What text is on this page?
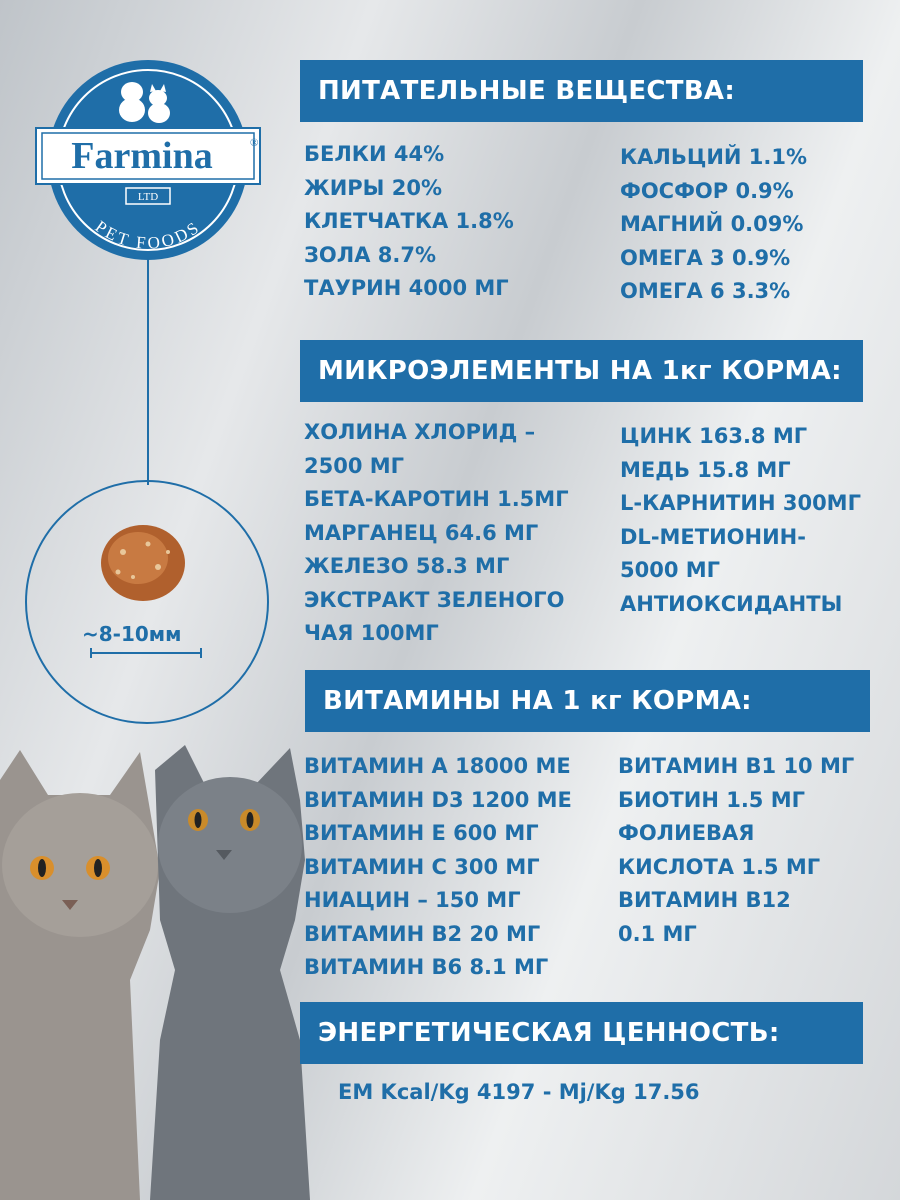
Farmina	®
LTD
PET FOODS
~8-10мм
ПИТАТЕЛЬНЫЕ ВЕЩЕСТВА:
БЕЛКИ 44%
ЖИРЫ 20%
КЛЕТЧАТКА 1.8%
ЗОЛА 8.7%
ТАУРИН 4000 МГ
КАЛЬЦИЙ 1.1%
ФОСФОР 0.9%
МАГНИЙ 0.09%
ОМЕГА 3 0.9%
ОМЕГА 6 3.3%
МИКРОЭЛЕМЕНТЫ НА 1кг КОРМА:
ХОЛИНА ХЛОРИД –
2500 МГ
БЕТА-КАРОТИН 1.5МГ
МАРГАНЕЦ 64.6 МГ
ЖЕЛЕЗО 58.3 МГ
ЭКСТРАКТ ЗЕЛЕНОГО
ЧАЯ 100МГ
ЦИНК 163.8 МГ
МЕДЬ 15.8 МГ
L-КАРНИТИН 300МГ
DL-МЕТИОНИН-
5000 МГ
АНТИОКСИДАНТЫ
ВИТАМИНЫ НА 1 кг КОРМА:
ВИТАМИН А 18000 МЕ
ВИТАМИН D3 1200 МЕ
ВИТАМИН Е 600 МГ
ВИТАМИН С 300 МГ
НИАЦИН – 150 МГ
ВИТАМИН В2 20 МГ
ВИТАМИН В6 8.1 МГ
ВИТАМИН В1 10 МГ
БИОТИН 1.5 МГ
ФОЛИЕВАЯ
КИСЛОТА 1.5 МГ
ВИТАМИН В12
0.1 МГ
ЭНЕРГЕТИЧЕСКАЯ ЦЕННОСТЬ:
EM Kcal/Kg 4197 - Mj/Kg 17.56
